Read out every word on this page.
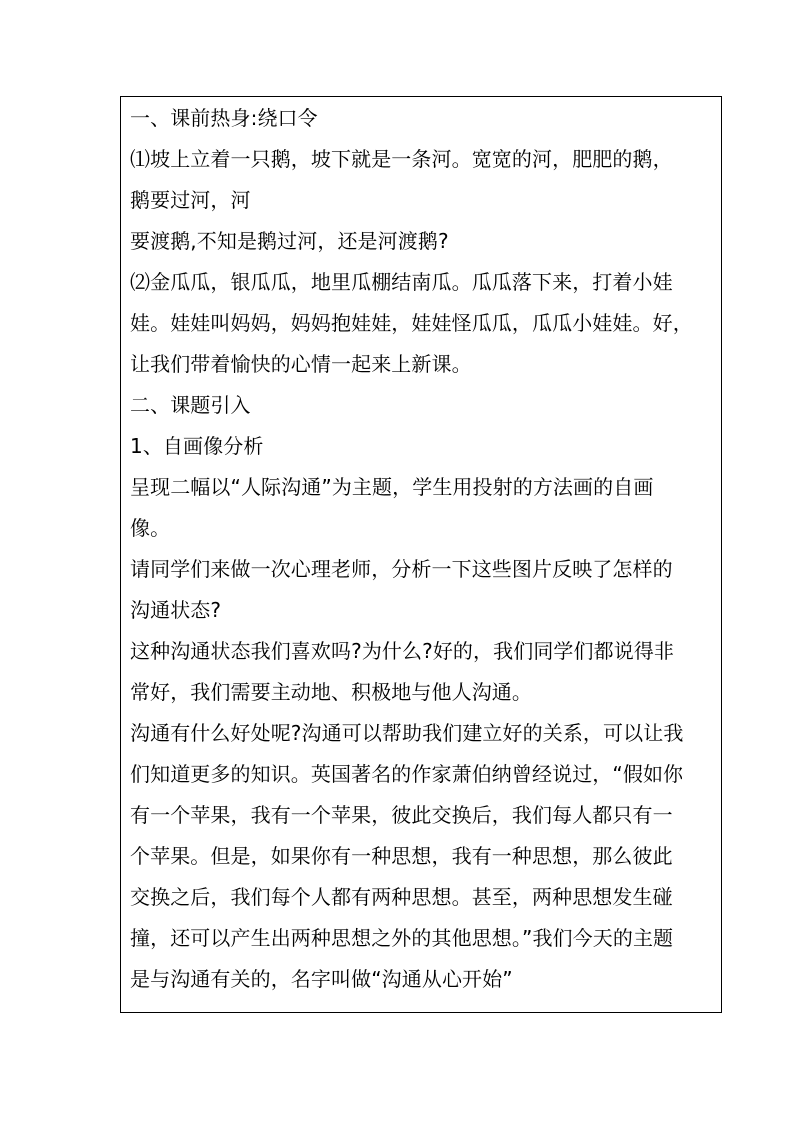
一、课前热身:绕口令
⑴坡上立着一只鹅，坡下就是一条河。宽宽的河，肥肥的鹅，
鹅要过河，河
要渡鹅,不知是鹅过河，还是河渡鹅?
⑵金瓜瓜，银瓜瓜，地里瓜棚结南瓜。瓜瓜落下来，打着小娃
娃。娃娃叫妈妈，妈妈抱娃娃，娃娃怪瓜瓜，瓜瓜小娃娃。好，
让我们带着愉快的心情一起来上新课。
二、课题引入
1、自画像分析
呈现二幅以“人际沟通”为主题，学生用投射的方法画的自画
像。
请同学们来做一次心理老师，分析一下这些图片反映了怎样的
沟通状态?
这种沟通状态我们喜欢吗?为什么?好的，我们同学们都说得非
常好，我们需要主动地、积极地与他人沟通。
沟通有什么好处呢?沟通可以帮助我们建立好的关系，可以让我
们知道更多的知识。英国著名的作家萧伯纳曾经说过，“假如你
有一个苹果，我有一个苹果，彼此交换后，我们每人都只有一
个苹果。但是，如果你有一种思想，我有一种思想，那么彼此
交换之后，我们每个人都有两种思想。甚至，两种思想发生碰
撞，还可以产生出两种思想之外的其他思想。”我们今天的主题
是与沟通有关的，名字叫做“沟通从心开始”
